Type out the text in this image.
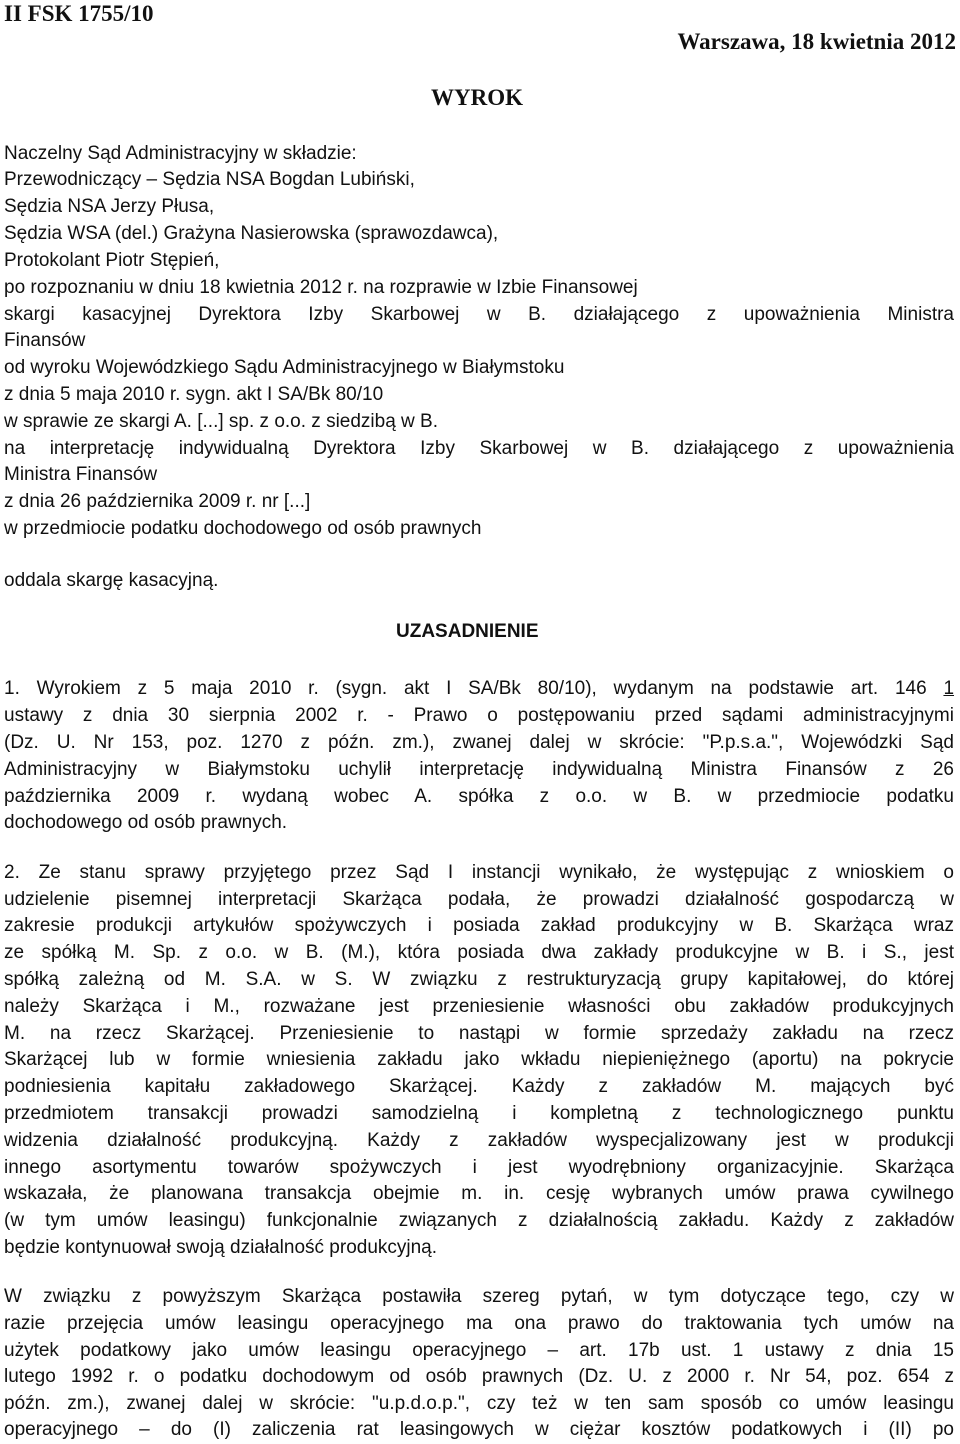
II FSK 1755/10
Warszawa, 18 kwietnia 2012
WYROK
Naczelny Sąd Administracyjny w składzie:
Przewodniczący – Sędzia NSA Bogdan Lubiński,
Sędzia NSA Jerzy Płusa,
Sędzia WSA (del.) Grażyna Nasierowska (sprawozdawca),
Protokolant Piotr Stępień,
po rozpoznaniu w dniu 18 kwietnia 2012 r. na rozprawie w Izbie Finansowej
skargi kasacyjnej Dyrektora Izby Skarbowej w B. działającego z upoważnienia Ministra
Finansów
od wyroku Wojewódzkiego Sądu Administracyjnego w Białymstoku
z dnia 5 maja 2010 r. sygn. akt I SA/Bk 80/10
w sprawie ze skargi A. [...] sp. z o.o. z siedzibą w B.
na interpretację indywidualną Dyrektora Izby Skarbowej w B. działającego z upoważnienia
Ministra Finansów
z dnia 26 października 2009 r. nr [...]
w przedmiocie podatku dochodowego od osób prawnych
oddala skargę kasacyjną.
UZASADNIENIE
1. Wyrokiem z 5 maja 2010 r. (sygn. akt I SA/Bk 80/10), wydanym na podstawie art. 146 1
ustawy z dnia 30 sierpnia 2002 r. - Prawo o postępowaniu przed sądami administracyjnymi
(Dz. U. Nr 153, poz. 1270 z późn. zm.), zwanej dalej w skrócie: "P.p.s.a.", Wojewódzki Sąd
Administracyjny w Białymstoku uchylił interpretację indywidualną Ministra Finansów z 26
października 2009 r. wydaną wobec A. spółka z o.o. w B. w przedmiocie podatku
dochodowego od osób prawnych.
2. Ze stanu sprawy przyjętego przez Sąd I instancji wynikało, że występując z wnioskiem o
udzielenie pisemnej interpretacji Skarżąca podała, że prowadzi działalność gospodarczą w
zakresie produkcji artykułów spożywczych i posiada zakład produkcyjny w B. Skarżąca wraz
ze spółką M. Sp. z o.o. w B. (M.), która posiada dwa zakłady produkcyjne w B. i S., jest
spółką zależną od M. S.A. w S. W związku z restrukturyzacją grupy kapitałowej, do której
należy Skarżąca i M., rozważane jest przeniesienie własności obu zakładów produkcyjnych
M. na rzecz Skarżącej. Przeniesienie to nastąpi w formie sprzedaży zakładu na rzecz
Skarżącej lub w formie wniesienia zakładu jako wkładu niepieniężnego (aportu) na pokrycie
podniesienia kapitału zakładowego Skarżącej. Każdy z zakładów M. mających być
przedmiotem transakcji prowadzi samodzielną i kompletną z technologicznego punktu
widzenia działalność produkcyjną. Każdy z zakładów wyspecjalizowany jest w produkcji
innego asortymentu towarów spożywczych i jest wyodrębniony organizacyjnie. Skarżąca
wskazała, że planowana transakcja obejmie m. in. cesję wybranych umów prawa cywilnego
(w tym umów leasingu) funkcjonalnie związanych z działalnością zakładu. Każdy z zakładów
będzie kontynuował swoją działalność produkcyjną.
W związku z powyższym Skarżąca postawiła szereg pytań, w tym dotyczące tego, czy w
razie przejęcia umów leasingu operacyjnego ma ona prawo do traktowania tych umów na
użytek podatkowy jako umów leasingu operacyjnego – art. 17b ust. 1 ustawy z dnia 15
lutego 1992 r. o podatku dochodowym od osób prawnych (Dz. U. z 2000 r. Nr 54, poz. 654 z
późn. zm.), zwanej dalej w skrócie: "u.p.d.o.p.", czy też w ten sam sposób co umów leasingu
operacyjnego – do (I) zaliczenia rat leasingowych w ciężar kosztów podatkowych i (II) po
